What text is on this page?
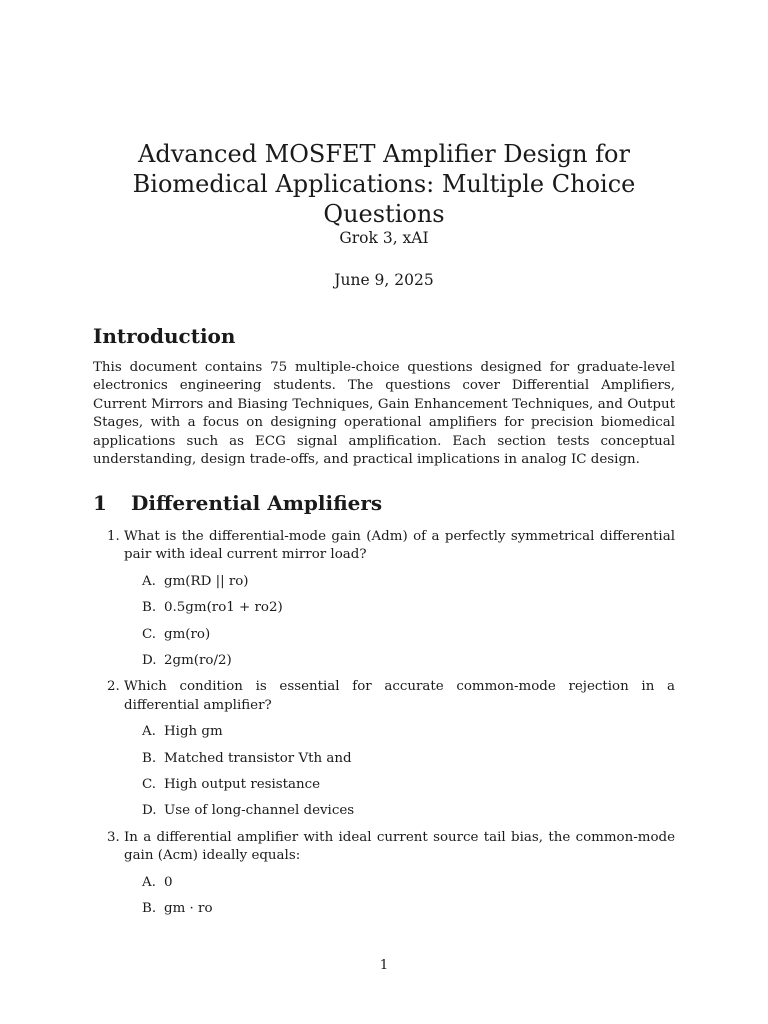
Advanced MOSFET Amplifier Design for Biomedical Applications: Multiple Choice Questions
Grok 3, xAI
June 9, 2025
Introduction

This document contains 75 multiple-choice questions designed for graduate-level electronics engineering students. The questions cover Differential Amplifiers, Current Mirrors and Biasing Techniques, Gain Enhancement Techniques, and Output Stages, with a focus on designing operational amplifiers for precision biomedical applications such as ECG signal amplification. Each section tests conceptual understanding, design trade-offs, and practical implications in analog IC design.

1 Differential Amplifiers
1. What is the differential-mode gain (Adm) of a perfectly symmetrical differential pair with ideal current mirror load?

A. gm(RD || ro)
B. 0.5gm(ro1 + ro2)
C. gm(ro)
D. 2gm(ro/2)
2. Which condition is essential for accurate common-mode rejection in a differential amplifier?

A. High gm
B. Matched transistor Vth and
C. High output resistance
D. Use of long-channel devices
3. In a differential amplifier with ideal current source tail bias, the common-mode gain (Acm) ideally equals:

A. 0
B. gm · ro
1
